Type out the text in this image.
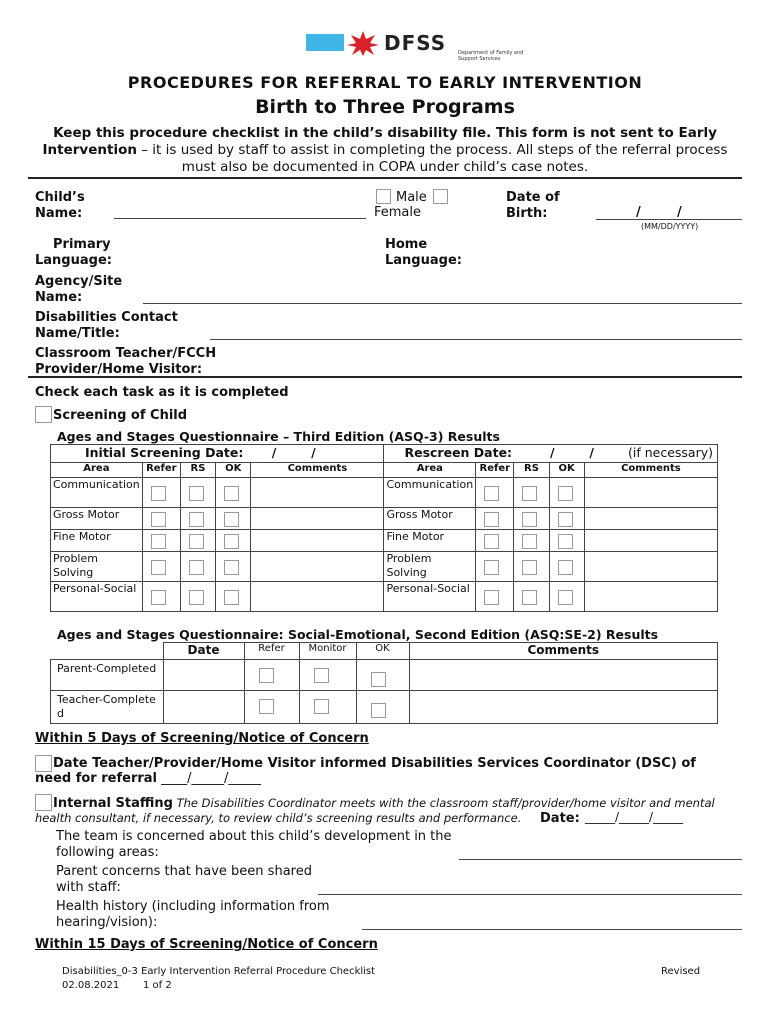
DFSS Department of Family and Support Services
PROCEDURES FOR REFERRAL TO EARLY INTERVENTION
Birth to Three Programs
Keep this procedure checklist in the child’s disability file. This form is not sent to Early Intervention – it is used by staff to assist in completing the process. All steps of the referral process must also be documented in COPA under child’s case notes.
Child’s Name:
Male
Female
Date of Birth:	/        /
(MM/DD/YYYY)
Primary Language:
Home Language:
Agency/Site Name:
Disabilities Contact Name/Title:
Classroom Teacher/FCCH Provider/Home Visitor:
Check each task as it is completed
Screening of Child
Ages and Stages Questionnaire – Third Edition (ASQ-3) Results
Initial Screening Date: /        /					Rescreen Date: /        / (if necessary)				
Area	Refer	RS	OK	Comments	Area	Refer	RS	OK	Comments
Communication					Communication	

Gross Motor					Gross Motor	

Fine Motor					Fine Motor	

Problem Solving					Problem Solving	

Personal-Social					Personal-Social	

Ages and Stages Questionnaire: Social-Emotional, Second Edition (ASQ:SE-2) Results
	Date	Refer	Monitor	OK	Comments
Parent-Completed		

Teacher-Completed		

Within 5 Days of Screening/Notice of Concern
Date Teacher/Provider/Home Visitor informed Disabilities Services Coordinator (DSC) of need for referral ____/_____/_____
Internal Staffing The Disabilities Coordinator meets with the classroom staff/provider/home visitor and mental health consultant, if necessary, to review child’s screening results and performance.	Date: _____/_____/_____
The team is concerned about this child’s development in the following areas:
Parent concerns that have been shared with staff:
Health history (including information from hearing/vision):
Within 15 Days of Screening/Notice of Concern
Disabilities_0-3 Early Intervention Referral Procedure Checklist	Revised
02.08.2021 1 of 2
